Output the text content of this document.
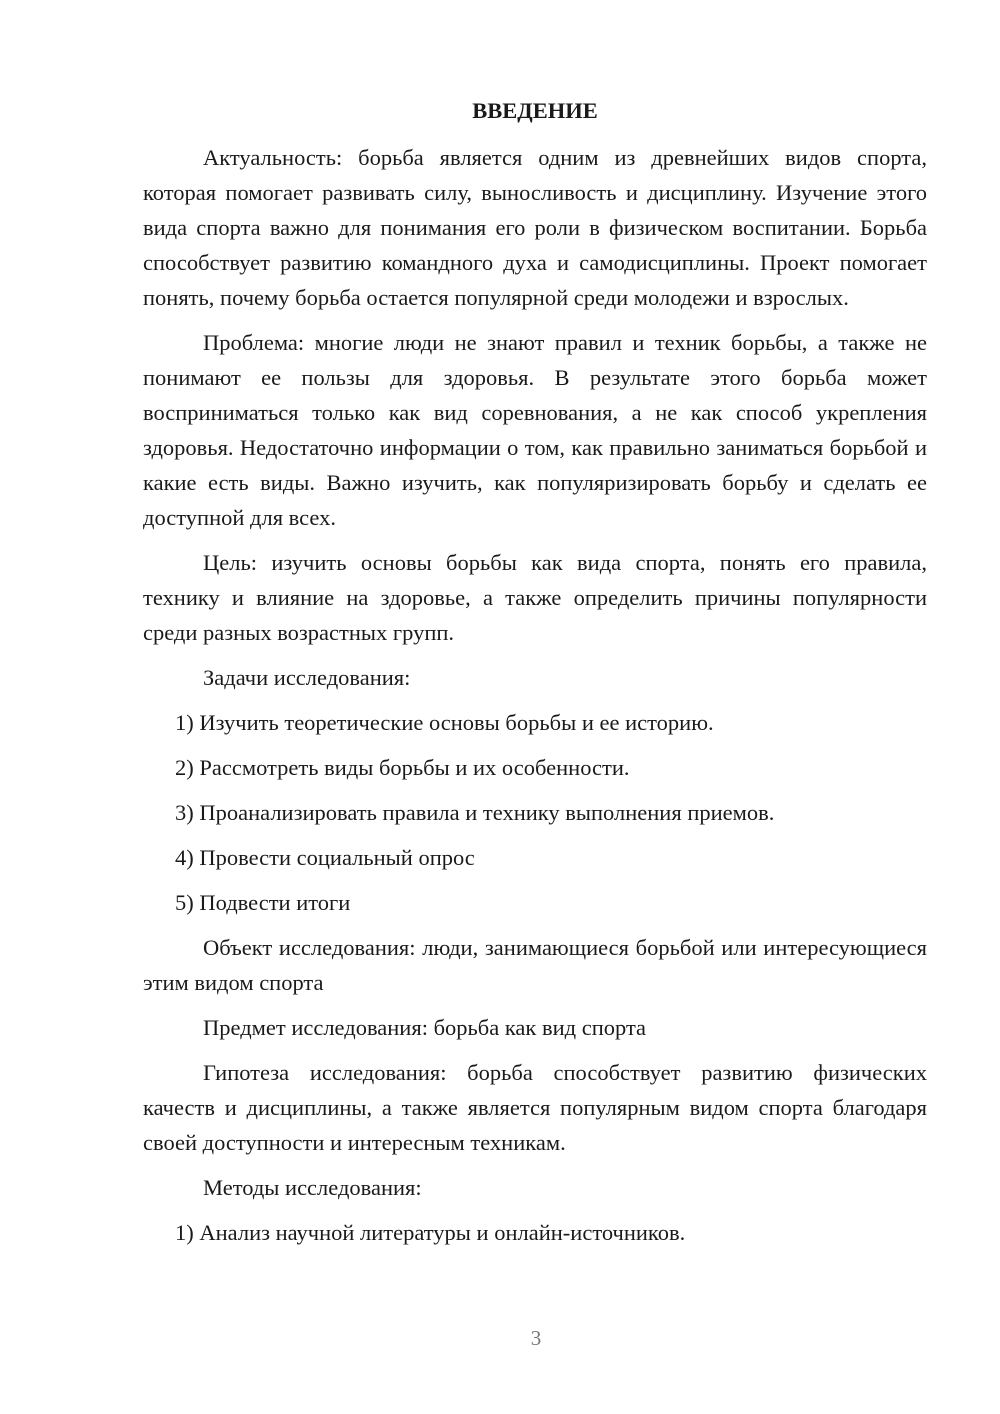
ВВЕДЕНИЕ

Актуальность: борьба является одним из древнейших видов спорта, которая помогает развивать силу, выносливость и дисциплину. Изучение этого вида спорта важно для понимания его роли в физическом воспитании. Борьба способствует развитию командного духа и самодисциплины. Проект помогает понять, почему борьба остается популярной среди молодежи и взрослых.

Проблема: многие люди не знают правил и техник борьбы, а также не понимают ее пользы для здоровья. В результате этого борьба может восприниматься только как вид соревнования, а не как способ укрепления здоровья. Недостаточно информации о том, как правильно заниматься борьбой и какие есть виды. Важно изучить, как популяризировать борьбу и сделать ее доступной для всех.

Цель: изучить основы борьбы как вида спорта, понять его правила, технику и влияние на здоровье, а также определить причины популярности среди разных возрастных групп.

Задачи исследования:

1) Изучить теоретические основы борьбы и ее историю.

2) Рассмотреть виды борьбы и их особенности.

3) Проанализировать правила и технику выполнения приемов.

4) Провести социальный опрос

5) Подвести итоги

Объект исследования: люди, занимающиеся борьбой или интересующиеся этим видом спорта

Предмет исследования: борьба как вид спорта

Гипотеза исследования: борьба способствует развитию физических качеств и дисциплины, а также является популярным видом спорта благодаря своей доступности и интересным техникам.

Методы исследования:

1) Анализ научной литературы и онлайн-источников.

3
